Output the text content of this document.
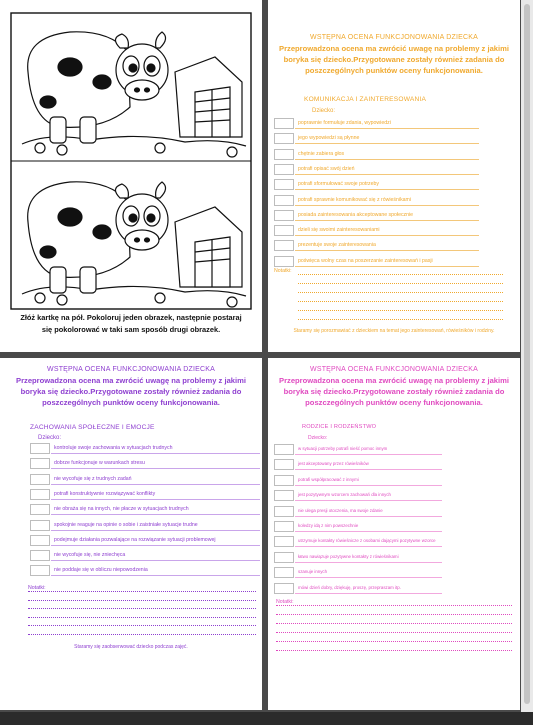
Złóż kartkę na pół. Pokoloruj jeden obrazek, następnie postaraj się pokolorować w taki sam sposób drugi obrazek.
WSTĘPNA OCENA FUNKCJONOWANIA DZIECKA
Przeprowadzona ocena ma zwrócić uwagę na problemy z jakimi boryka się dziecko.Przygotowane zostały również zadania do poszczególnych punktów oceny funkcjonowania.
KOMUNIKACJA I ZAINTERESOWANIA
Dziecko:
poprawnie formułuje zdania, wypowiedzi
jego wypowiedzi są płynne
chętnie zabiera głos
potrafi opisać swój dzień
potrafi sformułować swoje potrzeby
potrafi sprawnie komunikować się z rówieśnikami
posiada zainteresowania akceptowane społecznie
dzieli się swoimi zainteresowaniami
prezentuje swoje zainteresowania
poświęca wolny czas na poszerzanie zainteresowań i pasji
Notatki:
Staramy się porozmawiać z dzieckiem na temat jego zainteresowań, rówieśników i rodziny.
WSTĘPNA OCENA FUNKCJONOWANIA DZIECKA
Przeprowadzona ocena ma zwrócić uwagę na problemy z jakimi boryka się dziecko.Przygotowane zostały również zadania do poszczególnych punktów oceny funkcjonowania.
ZACHOWANIA SPOŁECZNE I EMOCJE
Dziecko:
kontroluje swoje zachowania w sytuacjach trudnych
dobrze funkcjonuje w warunkach stresu
nie wycofuje się z trudnych zadań
potrafi konstruktywnie rozwiązywać konflikty
nie obraża się na innych, nie płacze w sytuacjach trudnych
spokojnie reaguje na opinie o sobie i zaistniałe sytuacje trudne
podejmuje działania pozwalające na rozwiązanie sytuacji problemowej
nie wycofuje się, nie zniechęca
nie poddaje się w obliczu niepowodzenia
Notatki:
Staramy się zaobserwować dziecko podczas zajęć.
WSTĘPNA OCENA FUNKCJONOWANIA DZIECKA
Przeprowadzona ocena ma zwrócić uwagę na problemy z jakimi boryka się dziecko.Przygotowane zostały również zadania do poszczególnych punktów oceny funkcjonowania.
RODZICE I RODZEŃSTWO
Dziecko:
w sytuacji potrzeby potrafi nieść pomoc innym
jest akceptowany przez rówieśników
potrafi współpracować z innymi
jest pozytywnym wzorcem zachowań dla innych
nie ulega presji otoczenia, ma swoje zdanie
koledzy idą z nim powszechnie
utrzymuje kontakty rówieśnicze z osobami dającymi pozytywne wzorce
łatwo nawiązuje pozytywne kontakty z rówieśnikami
szanuje innych
mówi dzień dobry, dziękuję, proszę, przepraszam itp.
Notatki:
